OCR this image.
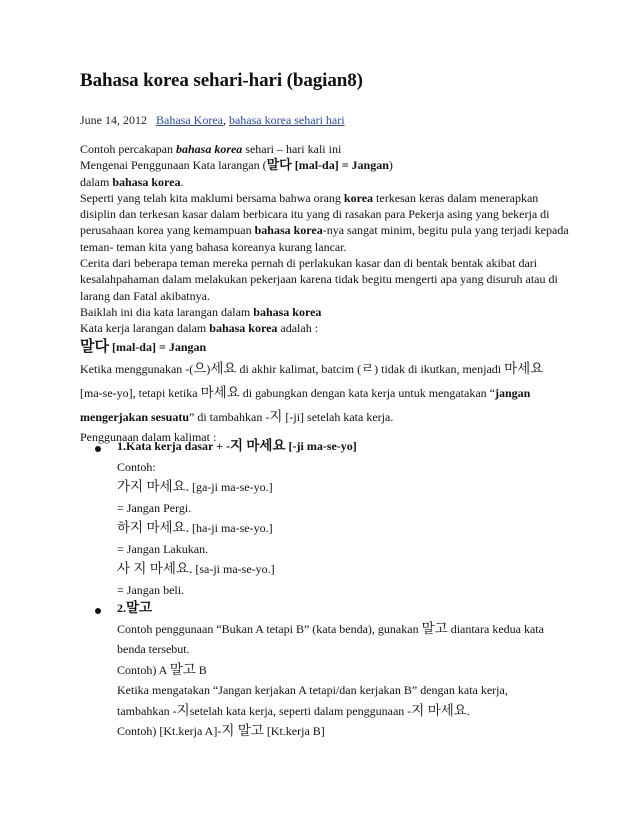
Bahasa korea sehari-hari (bagian8)
June 14, 2012 Bahasa Korea, bahasa korea sehari hari

Contoh percakapan bahasa korea sehari – hari kali ini

Mengenai Penggunaan Kata larangan (말다 [mal-da] = Jangan)

dalam bahasa korea.

Seperti yang telah kita maklumi bersama bahwa orang korea terkesan keras dalam menerapkan disiplin dan terkesan kasar dalam berbicara itu yang di rasakan para Pekerja asing yang bekerja di perusahaan korea yang kemampuan bahasa korea-nya sangat minim, begitu pula yang terjadi kepada teman- teman kita yang bahasa koreanya kurang lancar.

Cerita dari beberapa teman mereka pernah di perlakukan kasar dan di bentak bentak akibat dari kesalahpahaman dalam melakukan pekerjaan karena tidak begitu mengerti apa yang disuruh atau di larang dan Fatal akibatnya.

Baiklah ini dia kata larangan dalam bahasa korea

Kata kerja larangan dalam bahasa korea adalah :

말다 [mal-da] = Jangan

Ketika menggunakan -(으)세요 di akhir kalimat, batcim (ㄹ) tidak di ikutkan, menjadi 마세요

[ma-se-yo], tetapi ketika 마세요 di gabungkan dengan kata kerja untuk mengatakan “jangan

mengerjakan sesuatu” di tambahkan -지 [-ji] setelah kata kerja.

Penggunaan dalam kalimat :

1.Kata kerja dasar + -지 마세요 [-ji ma-se-yo]
Contoh:
가지 마세요. [ga-ji ma-se-yo.]
= Jangan Pergi.
하지 마세요. [ha-ji ma-se-yo.]
= Jangan Lakukan.
사 지 마세요. [sa-ji ma-se-yo.]
= Jangan beli.
2.말고
Contoh penggunaan “Bukan A tetapi B” (kata benda), gunakan 말고 diantara kedua kata
benda tersebut.
Contoh) A 말고 B
Ketika mengatakan “Jangan kerjakan A tetapi/dan kerjakan B” dengan kata kerja,
tambahkan -지setelah kata kerja, seperti dalam penggunaan -지 마세요.
Contoh) [Kt.kerja A]-지 말고 [Kt.kerja B]
